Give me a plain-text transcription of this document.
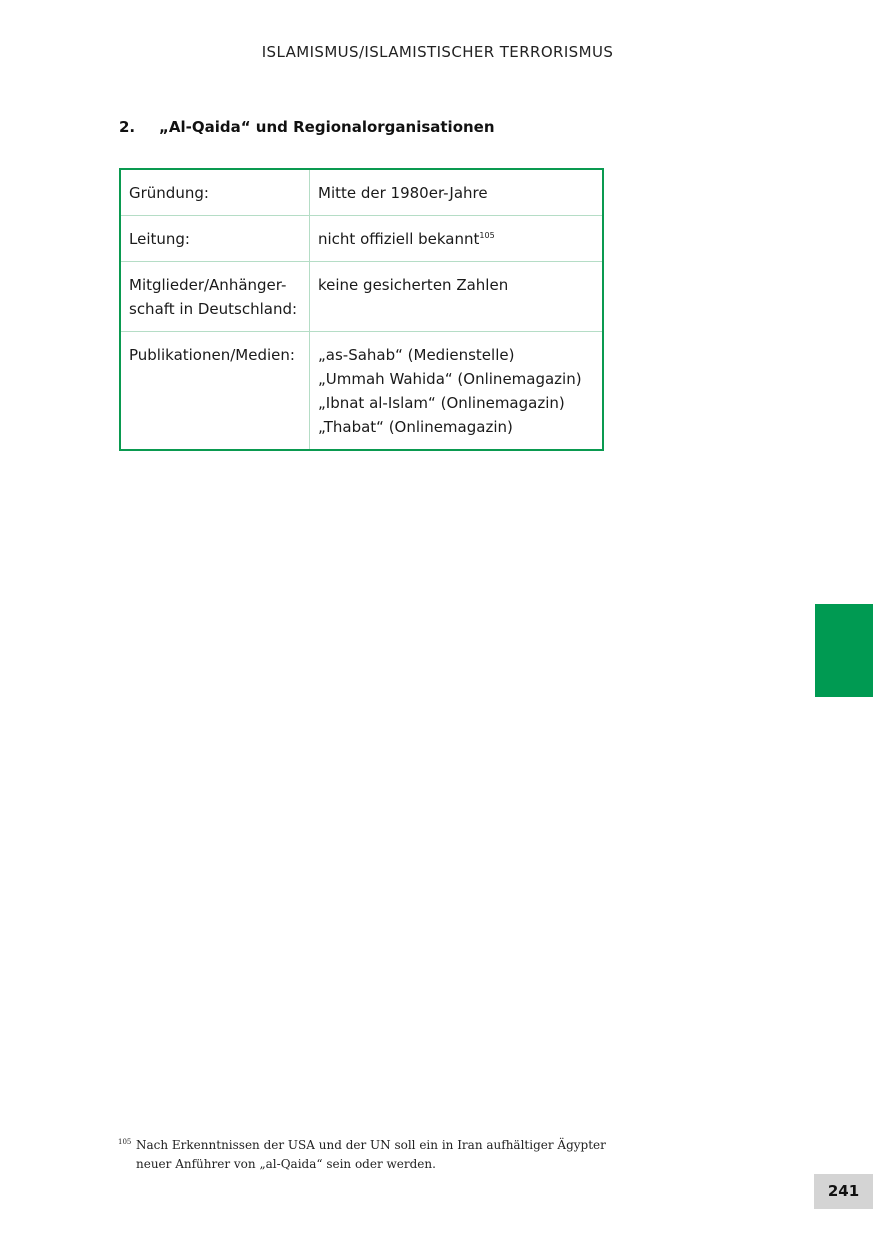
ISLAMISMUS/ISLAMISTISCHER TERRORISMUS
2. „Al-Qaida“ und Regionalorganisationen
Gründung:	Mitte der 1980er-Jahre
Leitung:	nicht offiziell bekannt$^{105}$

Mitglieder/Anhänger-
schaft in Deutschland:	keine gesicherten Zahlen
Publikationen/Medien:	„as-Sahab“ (Medienstelle)
„Ummah Wahida“ (Onlinemagazin)
„Ibnat al-Islam“ (Onlinemagazin)
„Thabat“ (Onlinemagazin)
105 Nach Erkenntnissen der USA und der UN soll ein in Iran aufhältiger Ägypter neuer Anführer von „al-Qaida“ sein oder werden.
241
